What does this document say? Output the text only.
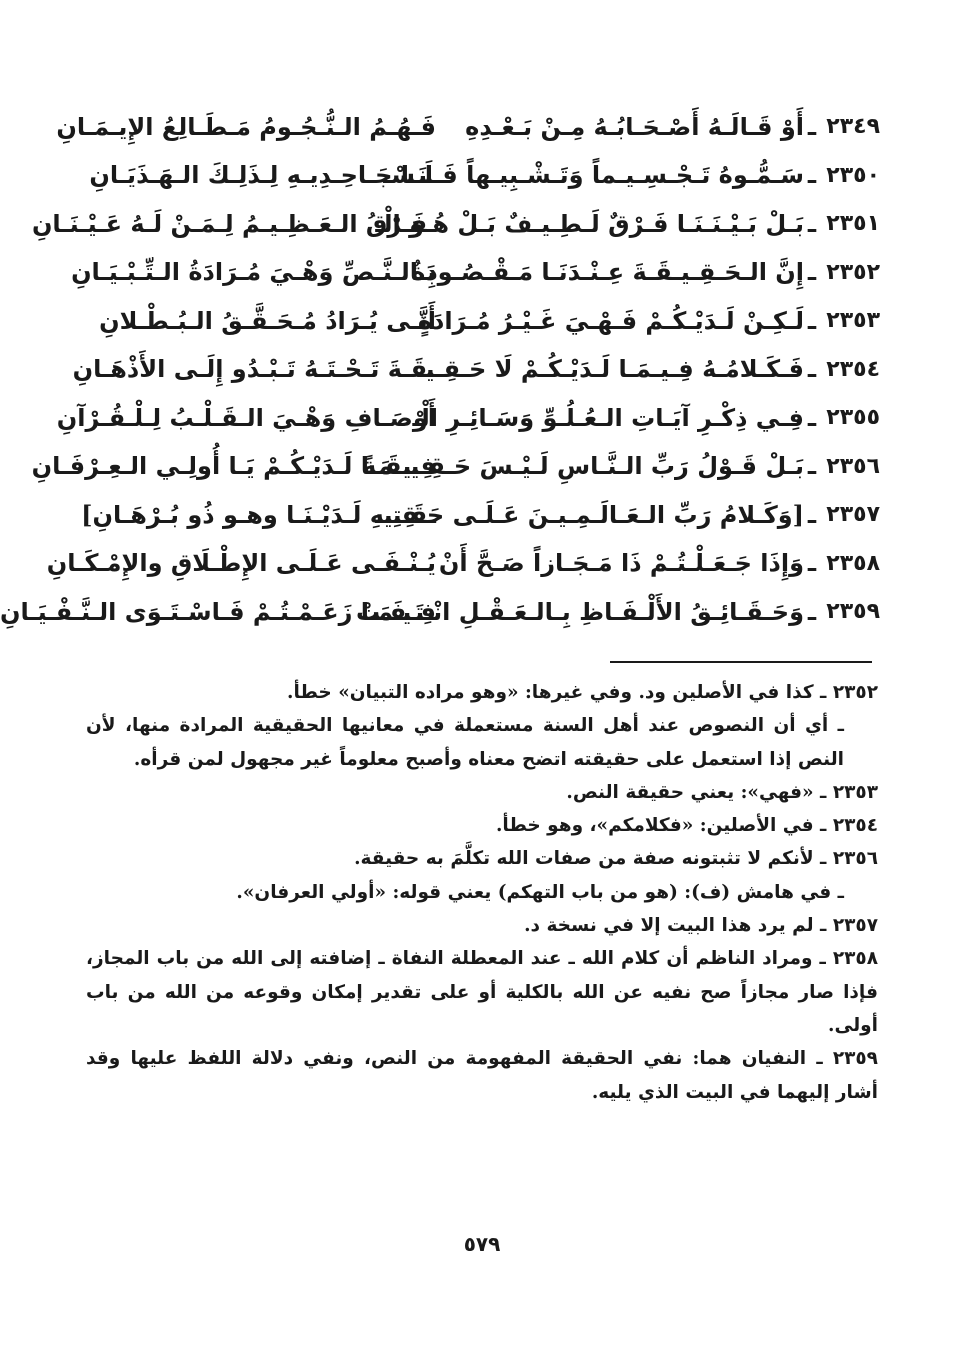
٢٣٤٩
ـ
أَوْ قَـالَـهُ أَصْـحَـابُـهُ مِـنْ بَـعْـدِهِ
فَـهُـمُ الـنُّـجُـومُ مَـطَـالِعُ الإِيـمَـانِ
٢٣٥٠
ـ
سَـمُّـوهُ تَـجْـسِـيـماً وَتَـشْـبِيـهاً فَـلَـسْـ
ـنَـا جَـاحِـدِيـهِ لِـذَلِـكَ الـهَـذَيَـانِ
٢٣٥١
ـ
بَـلْ بَـيْـنَـنَـا فَـرْقٌ لَـطِـيـفٌ بَـلْ هُـوَ الْـ
ـفَـرْقُ الـعَـظِـيـمُ لِـمَـنْ لَـهُ عَـيْـنَـانِ
٢٣٥٢
ـ
إِنَّ الـحَـقِـيـقَـةَ عِـنْـدَنَـا مَـقْـصُـودَةٌ
بِـالـنَّـصِّ وَهْـيَ مُـرَادَةُ الـتِّـبْـيَـانِ
٢٣٥٣
ـ
لَـكِـنْ لَـدَيْـكُـمْ فَـهْـيَ غَـيْـرُ مُـرَادَةٍ
أَنَّـى يُـرَادُ مُـحَـقَّـقُ الـبُـطْـلانِ
٢٣٥٤
ـ
فَـكَـلامُـهُ فِـيـمَـا لَـدَيْـكُـمْ لَا حَـقِـيـ
ـقَـةَ تَـحْـتَـهُ تَـبْـدُو إِلَـى الأَذْهَـانِ
٢٣٥٥
ـ
فِـي ذِكْـرِ آيَـاتِ الـعُـلُـوِّ وَسَـائِـرِ الْـ
أَوْصَـافِ وَهْـيَ الـقَـلْـبُ لِـلْـقُـرْآنِ
٢٣٥٦
ـ
بَـلْ قَـوْلُ رَبِّ الـنَّـاسِ لَـيْـسَ حَـقِـيـقَـةً
فِـيـمَـا لَـدَيْـكُـمْ يَـا أُولِـي الـعِـرْفَـانِ
٢٣٥٧
ـ
[وَكَـلامُ رَبِّ الـعَـالَـمِـيـنَ عَـلَـى حَـقِـيـ
ـقَـتِـهِ لَـدَيْـنَـا وهـو ذُو بُـرْهَـانِ]
٢٣٥٨
ـ
وَإِذَا جَـعَـلْـتُـمْ ذَا مَـجَـازاً صَـحَّ أَنْ
يُـنْـفَـى عَـلَـى الإِطْـلَاقِ والإِمْـكَـانِ
٢٣٥٩
ـ
وَحَـقَـائِـقُ الأَلْـفَـاظِ بِـالـعَـقْـلِ انْـتَـفَـتْ
فِـيـمَـا زَعَـمْـتُـمْ فَـاسْـتَـوَى الـنَّـفْـيَـانِ

٢٣٥٢ ـ كذا في الأصلين ود. وفي غيرها: «وهو مراده التبيان» خطأ.

ـ أي أن النصوص عند أهل السنة مستعملة في معانيها الحقيقية المرادة منها، لأن النص إذا استعمل على حقيقته اتضح معناه وأصبح معلوماً غير مجهول لمن قرأه.

٢٣٥٣ ـ «فهي»: يعني حقيقة النص.

٢٣٥٤ ـ في الأصلين: «فكلامكم»، وهو خطأ.

٢٣٥٦ ـ لأنكم لا تثبتونه صفة من صفات الله تكلَّمَ به حقيقة.

ـ في هامش (ف): (هو من باب التهكم) يعني قوله: «أولي العرفان».

٢٣٥٧ ـ لم يرد هذا البيت إلا في نسخة د.

٢٣٥٨ ـ ومراد الناظم أن كلام الله ـ عند المعطلة النفاة ـ إضافته إلى الله من باب المجاز، فإذا صار مجازاً صح نفيه عن الله بالكلية أو على تقدير إمكان وقوعه من الله من باب أولى.

٢٣٥٩ ـ النفيان هما: نفي الحقيقة المفهومة من النص، ونفي دلالة اللفظ عليها وقد أشار إليهما في البيت الذي يليه.

٥٧٩
